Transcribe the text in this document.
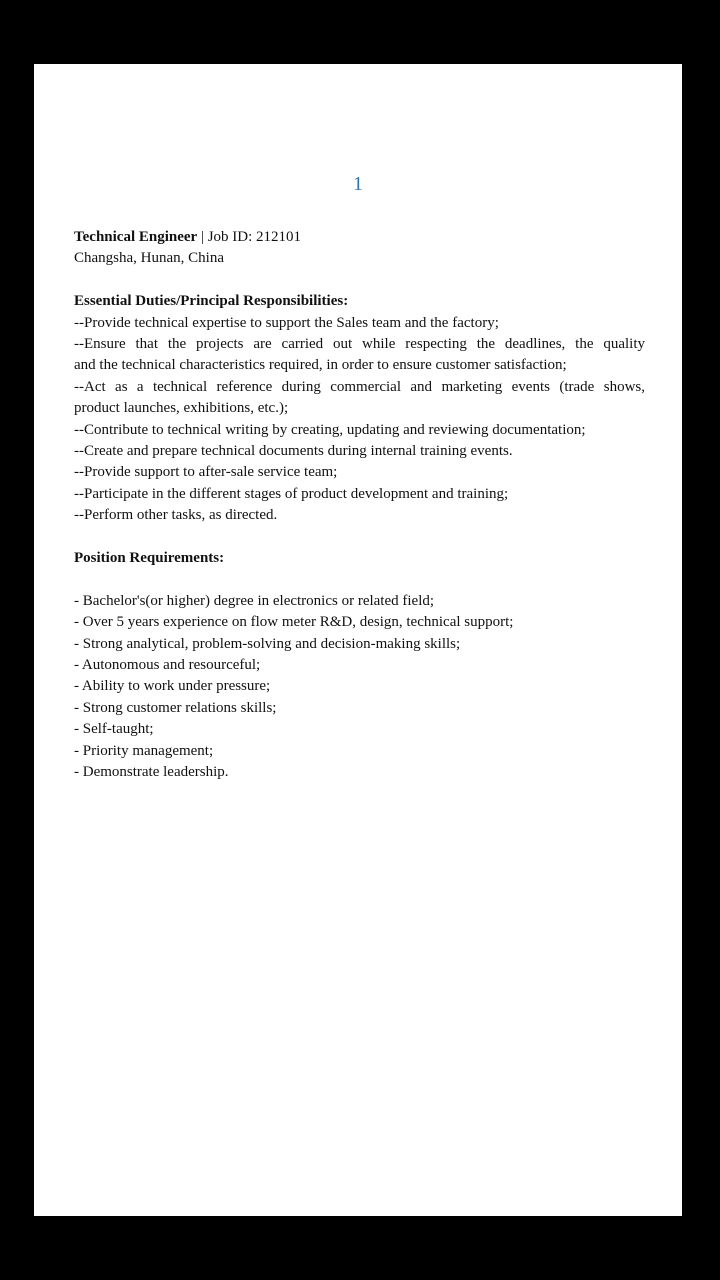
1
Technical Engineer | Job ID: 212101
Changsha, Hunan, China
Essential Duties/Principal Responsibilities:
--Provide technical expertise to support the Sales team and the factory;
--Ensure that the projects are carried out while respecting the deadlines, the quality
and the technical characteristics required, in order to ensure customer satisfaction;
--Act as a technical reference during commercial and marketing events (trade shows,
product launches, exhibitions, etc.);
--Contribute to technical writing by creating, updating and reviewing documentation;
--Create and prepare technical documents during internal training events.
--Provide support to after-sale service team;
--Participate in the different stages of product development and training;
--Perform other tasks, as directed.
Position Requirements:
- Bachelor's(or higher) degree in electronics or related field;
- Over 5 years experience on flow meter R&D, design, technical support;
- Strong analytical, problem-solving and decision-making skills;
- Autonomous and resourceful;
- Ability to work under pressure;
- Strong customer relations skills;
- Self-taught;
- Priority management;
- Demonstrate leadership.
